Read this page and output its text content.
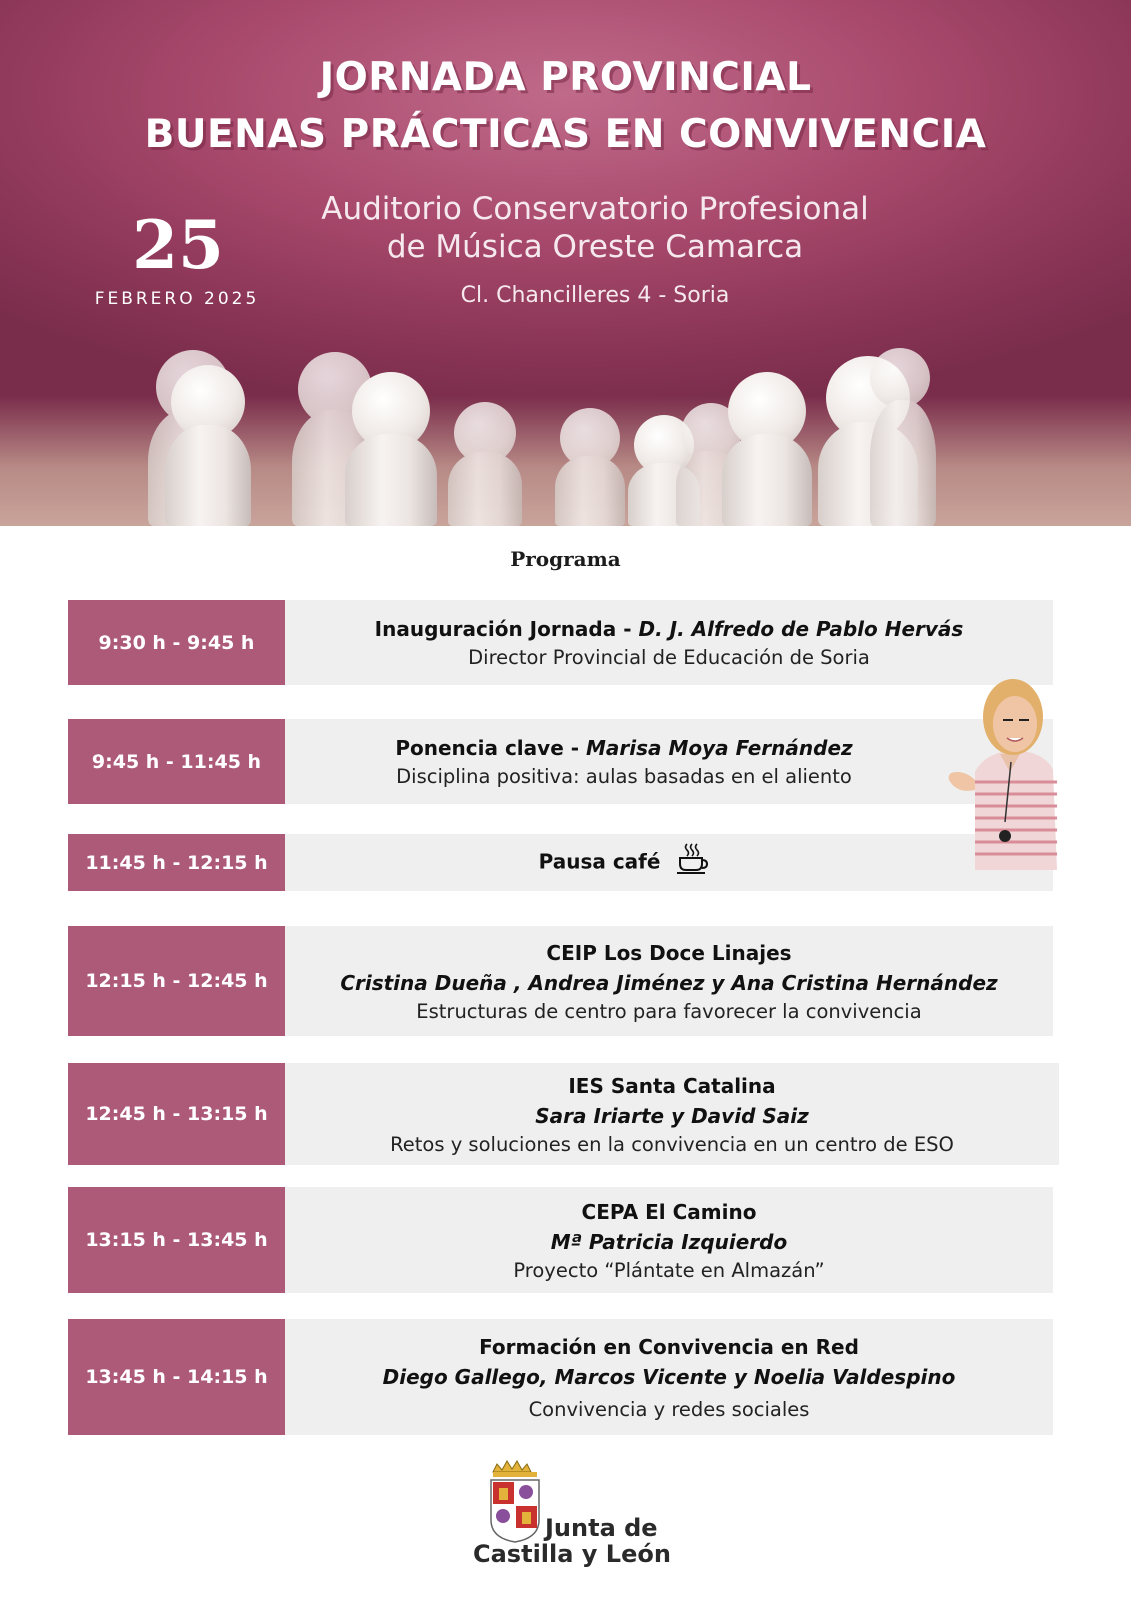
JORNADA PROVINCIAL
BUENAS PRÁCTICAS EN CONVIVENCIA
25
FEBRERO 2025
Auditorio Conservatorio Profesional
de Música Oreste Camarca
Cl. Chancilleres 4 - Soria
Programa
9:30 h - 9:45 h
Inauguración Jornada - D. J. Alfredo de Pablo Hervás
Director Provincial de Educación de Soria
9:45 h - 11:45 h
Ponencia clave - Marisa Moya Fernández
Disciplina positiva: aulas basadas en el aliento
11:45 h - 12:15 h	Pausa café
12:15 h - 12:45 h
CEIP Los Doce Linajes
Cristina Dueña , Andrea Jiménez y Ana Cristina Hernández
Estructuras de centro para favorecer la convivencia
12:45 h - 13:15 h
IES Santa Catalina
Sara Iriarte y David Saiz
Retos y soluciones en la convivencia en un centro de ESO
13:15 h - 13:45 h
CEPA El Camino
Mª Patricia Izquierdo
Proyecto “Plántate en Almazán”
13:45 h - 14:15 h
Formación en Convivencia en Red
Diego Gallego, Marcos Vicente y Noelia Valdespino
Convivencia y redes sociales
Junta de
Castilla y León
